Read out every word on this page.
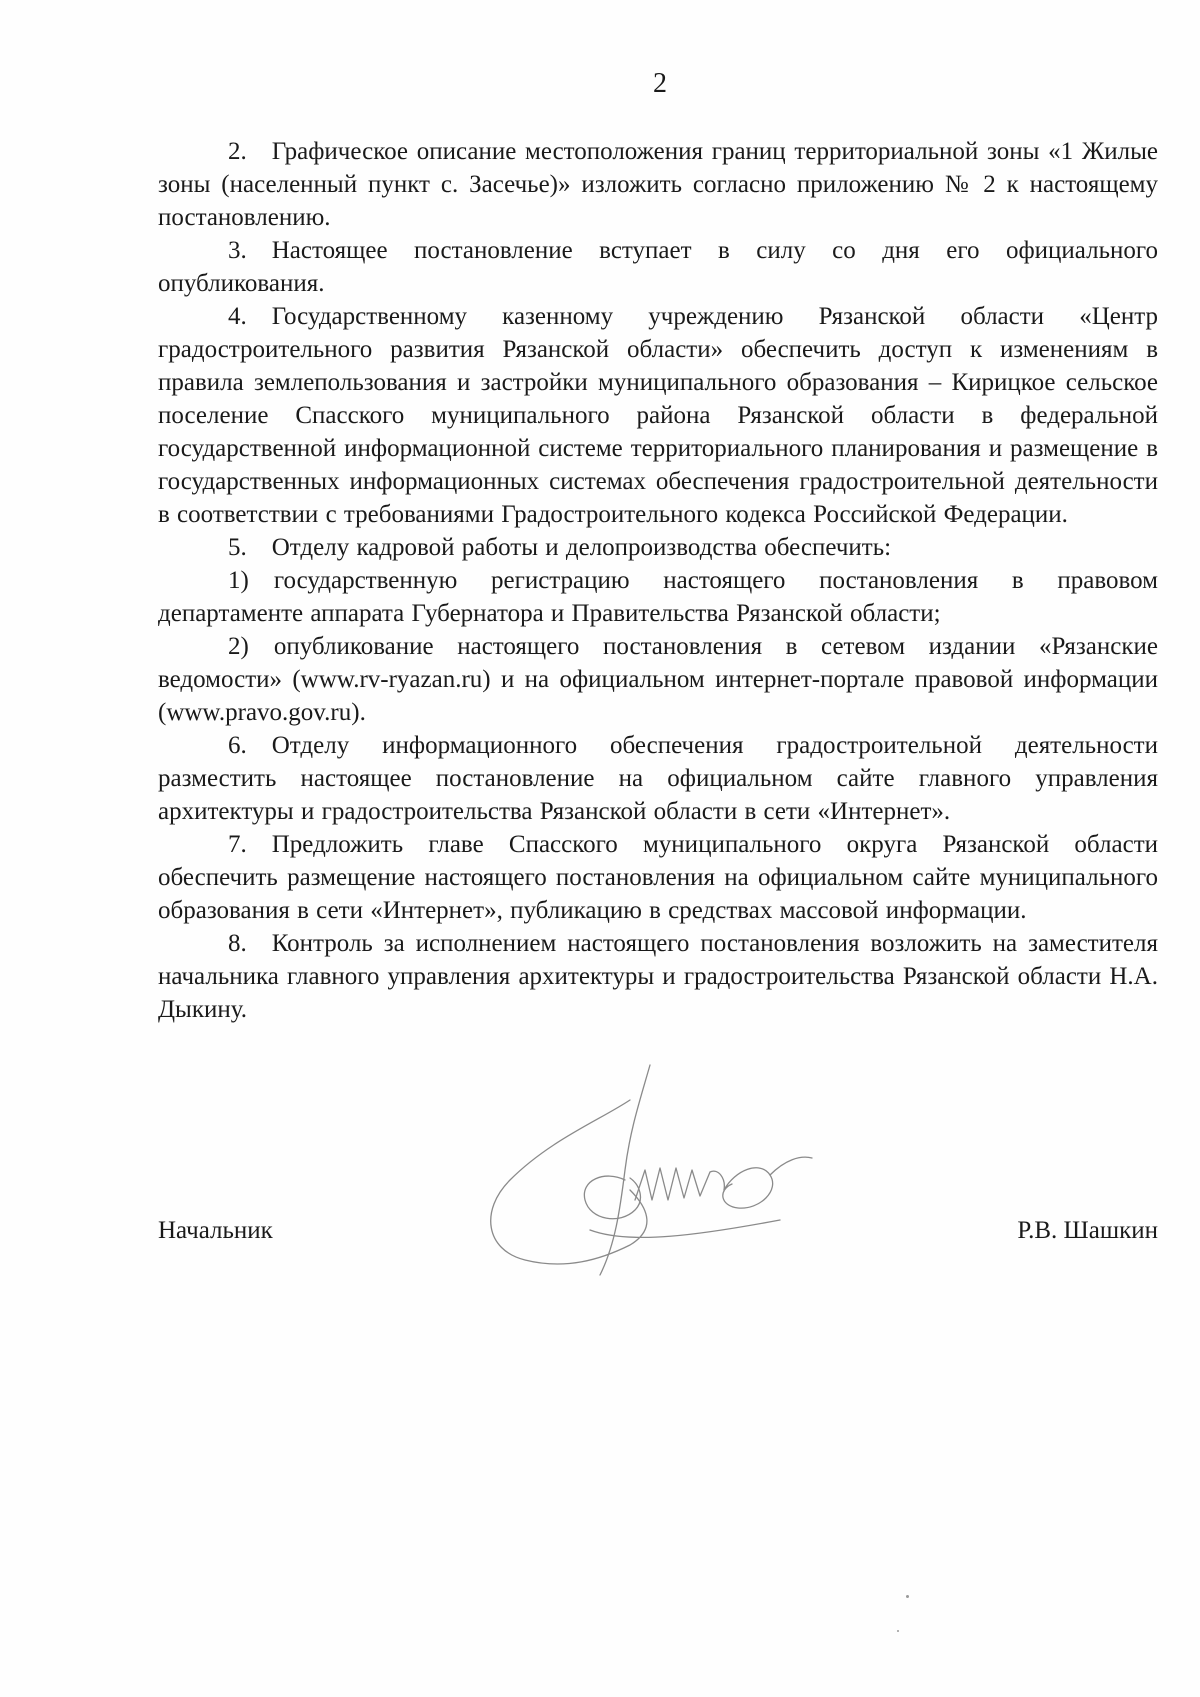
2

2. Графическое описание местоположения границ территориальной зоны «1 Жилые зоны (населенный пункт с. Засечье)» изложить согласно приложению № 2 к настоящему постановлению.

3. Настоящее постановление вступает в силу со дня его официального опубликования.

4. Государственному казенному учреждению Рязанской области «Центр градостроительного развития Рязанской области» обеспечить доступ к изменениям в правила землепользования и застройки муниципального образования – Кирицкое сельское поселение Спасского муниципального района Рязанской области в федеральной государственной информационной системе территориального планирования и размещение в государственных информационных системах обеспечения градостроительной деятельности в соответствии с требованиями Градостроительного кодекса Российской Федерации.

5. Отделу кадровой работы и делопроизводства обеспечить:

1) государственную регистрацию настоящего постановления в правовом департаменте аппарата Губернатора и Правительства Рязанской области;

2) опубликование настоящего постановления в сетевом издании «Рязанские ведомости» (www.rv-ryazan.ru) и на официальном интернет-портале правовой информации (www.pravo.gov.ru).

6. Отделу информационного обеспечения градостроительной деятельности разместить настоящее постановление на официальном сайте главного управления архитектуры и градостроительства Рязанской области в сети «Интернет».

7. Предложить главе Спасского муниципального округа Рязанской области обеспечить размещение настоящего постановления на официальном сайте муниципального образования в сети «Интернет», публикацию в средствах массовой информации.

8. Контроль за исполнением настоящего постановления возложить на заместителя начальника главного управления архитектуры и градостроительства Рязанской области Н.А. Дыкину.

Начальник	Р.В. Шашкин
